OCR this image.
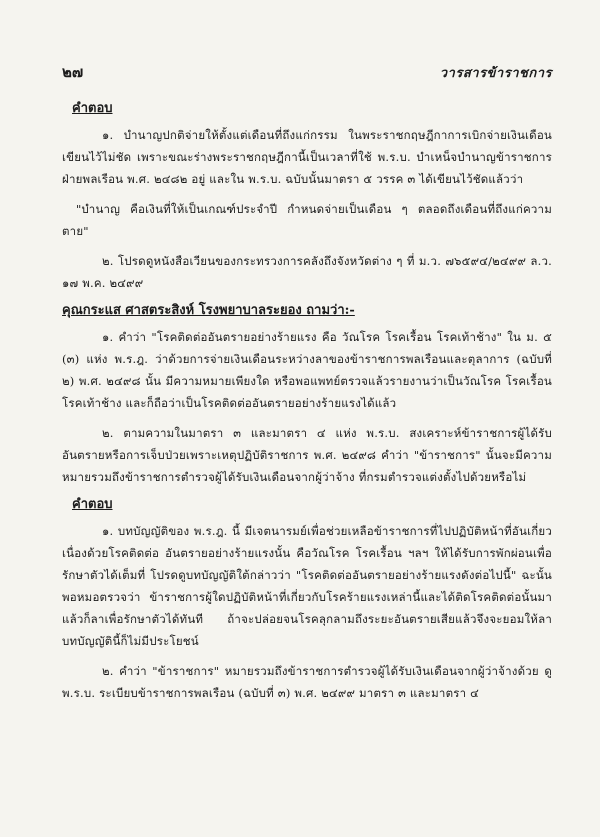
๒๗	วารสารข้าราชการ
คำตอบ

๑. บำนาญปกติจ่ายให้ตั้งแต่เดือนที่ถึงแก่กรรม ในพระราชกฤษฎีกาการเบิกจ่ายเงินเดือนเขียนไว้ไม่ชัด เพราะขณะร่างพระราชกฤษฎีกานี้เป็นเวลาที่ใช้ พ.ร.บ. บำเหน็จบำนาญข้าราชการฝ่ายพลเรือน พ.ศ. ๒๔๘๒ อยู่ และใน พ.ร.บ. ฉบับนั้นมาตรา ๕ วรรค ๓ ได้เขียนไว้ชัดแล้วว่า

"บำนาญ คือเงินที่ให้เป็นเกณฑ์ประจำปี กำหนดจ่ายเป็นเดือน ๆ ตลอดถึงเดือนที่ถึงแก่ความตาย"

๒. โปรดดูหนังสือเวียนของกระทรวงการคลังถึงจังหวัดต่าง ๆ ที่ ม.ว. ๗๖๕๙๔/๒๔๙๙ ล.ว. ๑๗ พ.ค. ๒๔๙๙

คุณกระแส ศาสตระสิงห์ โรงพยาบาลระยอง ถามว่า:-

๑. คำว่า "โรคติดต่ออันตรายอย่างร้ายแรง คือ วัณโรค โรคเรื้อน โรคเท้าช้าง" ใน ม. ๕ (๓) แห่ง พ.ร.ฎ. ว่าด้วยการจ่ายเงินเดือนระหว่างลาของข้าราชการพลเรือนและตุลาการ (ฉบับที่ ๒) พ.ศ. ๒๔๙๘ นั้น มีความหมายเพียงใด หรือพอแพทย์ตรวจแล้วรายงานว่าเป็นวัณโรค โรคเรื้อน โรคเท้าช้าง และก็ถือว่าเป็นโรคติดต่ออันตรายอย่างร้ายแรงได้แล้ว

๒. ตามความในมาตรา ๓ และมาตรา ๔ แห่ง พ.ร.บ. สงเคราะห์ข้าราชการผู้ได้รับอันตรายหรือการเจ็บป่วยเพราะเหตุปฏิบัติราชการ พ.ศ. ๒๔๙๘ คำว่า "ข้าราชการ" นั้นจะมีความหมายรวมถึงข้าราชการตำรวจผู้ได้รับเงินเดือนจากผู้ว่าจ้าง ที่กรมตำรวจแต่งตั้งไปด้วยหรือไม่

คำตอบ

๑. บทบัญญัติของ พ.ร.ฎ. นี้ มีเจตนารมย์เพื่อช่วยเหลือข้าราชการที่ไปปฏิบัติหน้าที่อันเกี่ยวเนื่องด้วยโรคติดต่อ อันตรายอย่างร้ายแรงนั้น คือวัณโรค โรคเรื้อน ฯลฯ ให้ได้รับการพักผ่อนเพื่อรักษาตัวได้เต็มที่ โปรดดูบทบัญญัติใต้กล่าวว่า "โรคติดต่ออันตรายอย่างร้ายแรงดังต่อไปนี้" ฉะนั้นพอหมอตรวจว่า ข้าราชการผู้ใดปฏิบัติหน้าที่เกี่ยวกับโรคร้ายแรงเหล่านี้และได้ติดโรคติดต่อนั้นมาแล้วก็ลาเพื่อรักษาตัวได้ทันที ถ้าจะปล่อยจนโรคลุกลามถึงระยะอันตรายเสียแล้วจึงจะยอมให้ลา บทบัญญัตินี้ก็ไม่มีประโยชน์

๒. คำว่า "ข้าราชการ" หมายรวมถึงข้าราชการตำรวจผู้ได้รับเงินเดือนจากผู้ว่าจ้างด้วย ดู พ.ร.บ. ระเบียบข้าราชการพลเรือน (ฉบับที่ ๓) พ.ศ. ๒๔๙๙ มาตรา ๓ และมาตรา ๔
